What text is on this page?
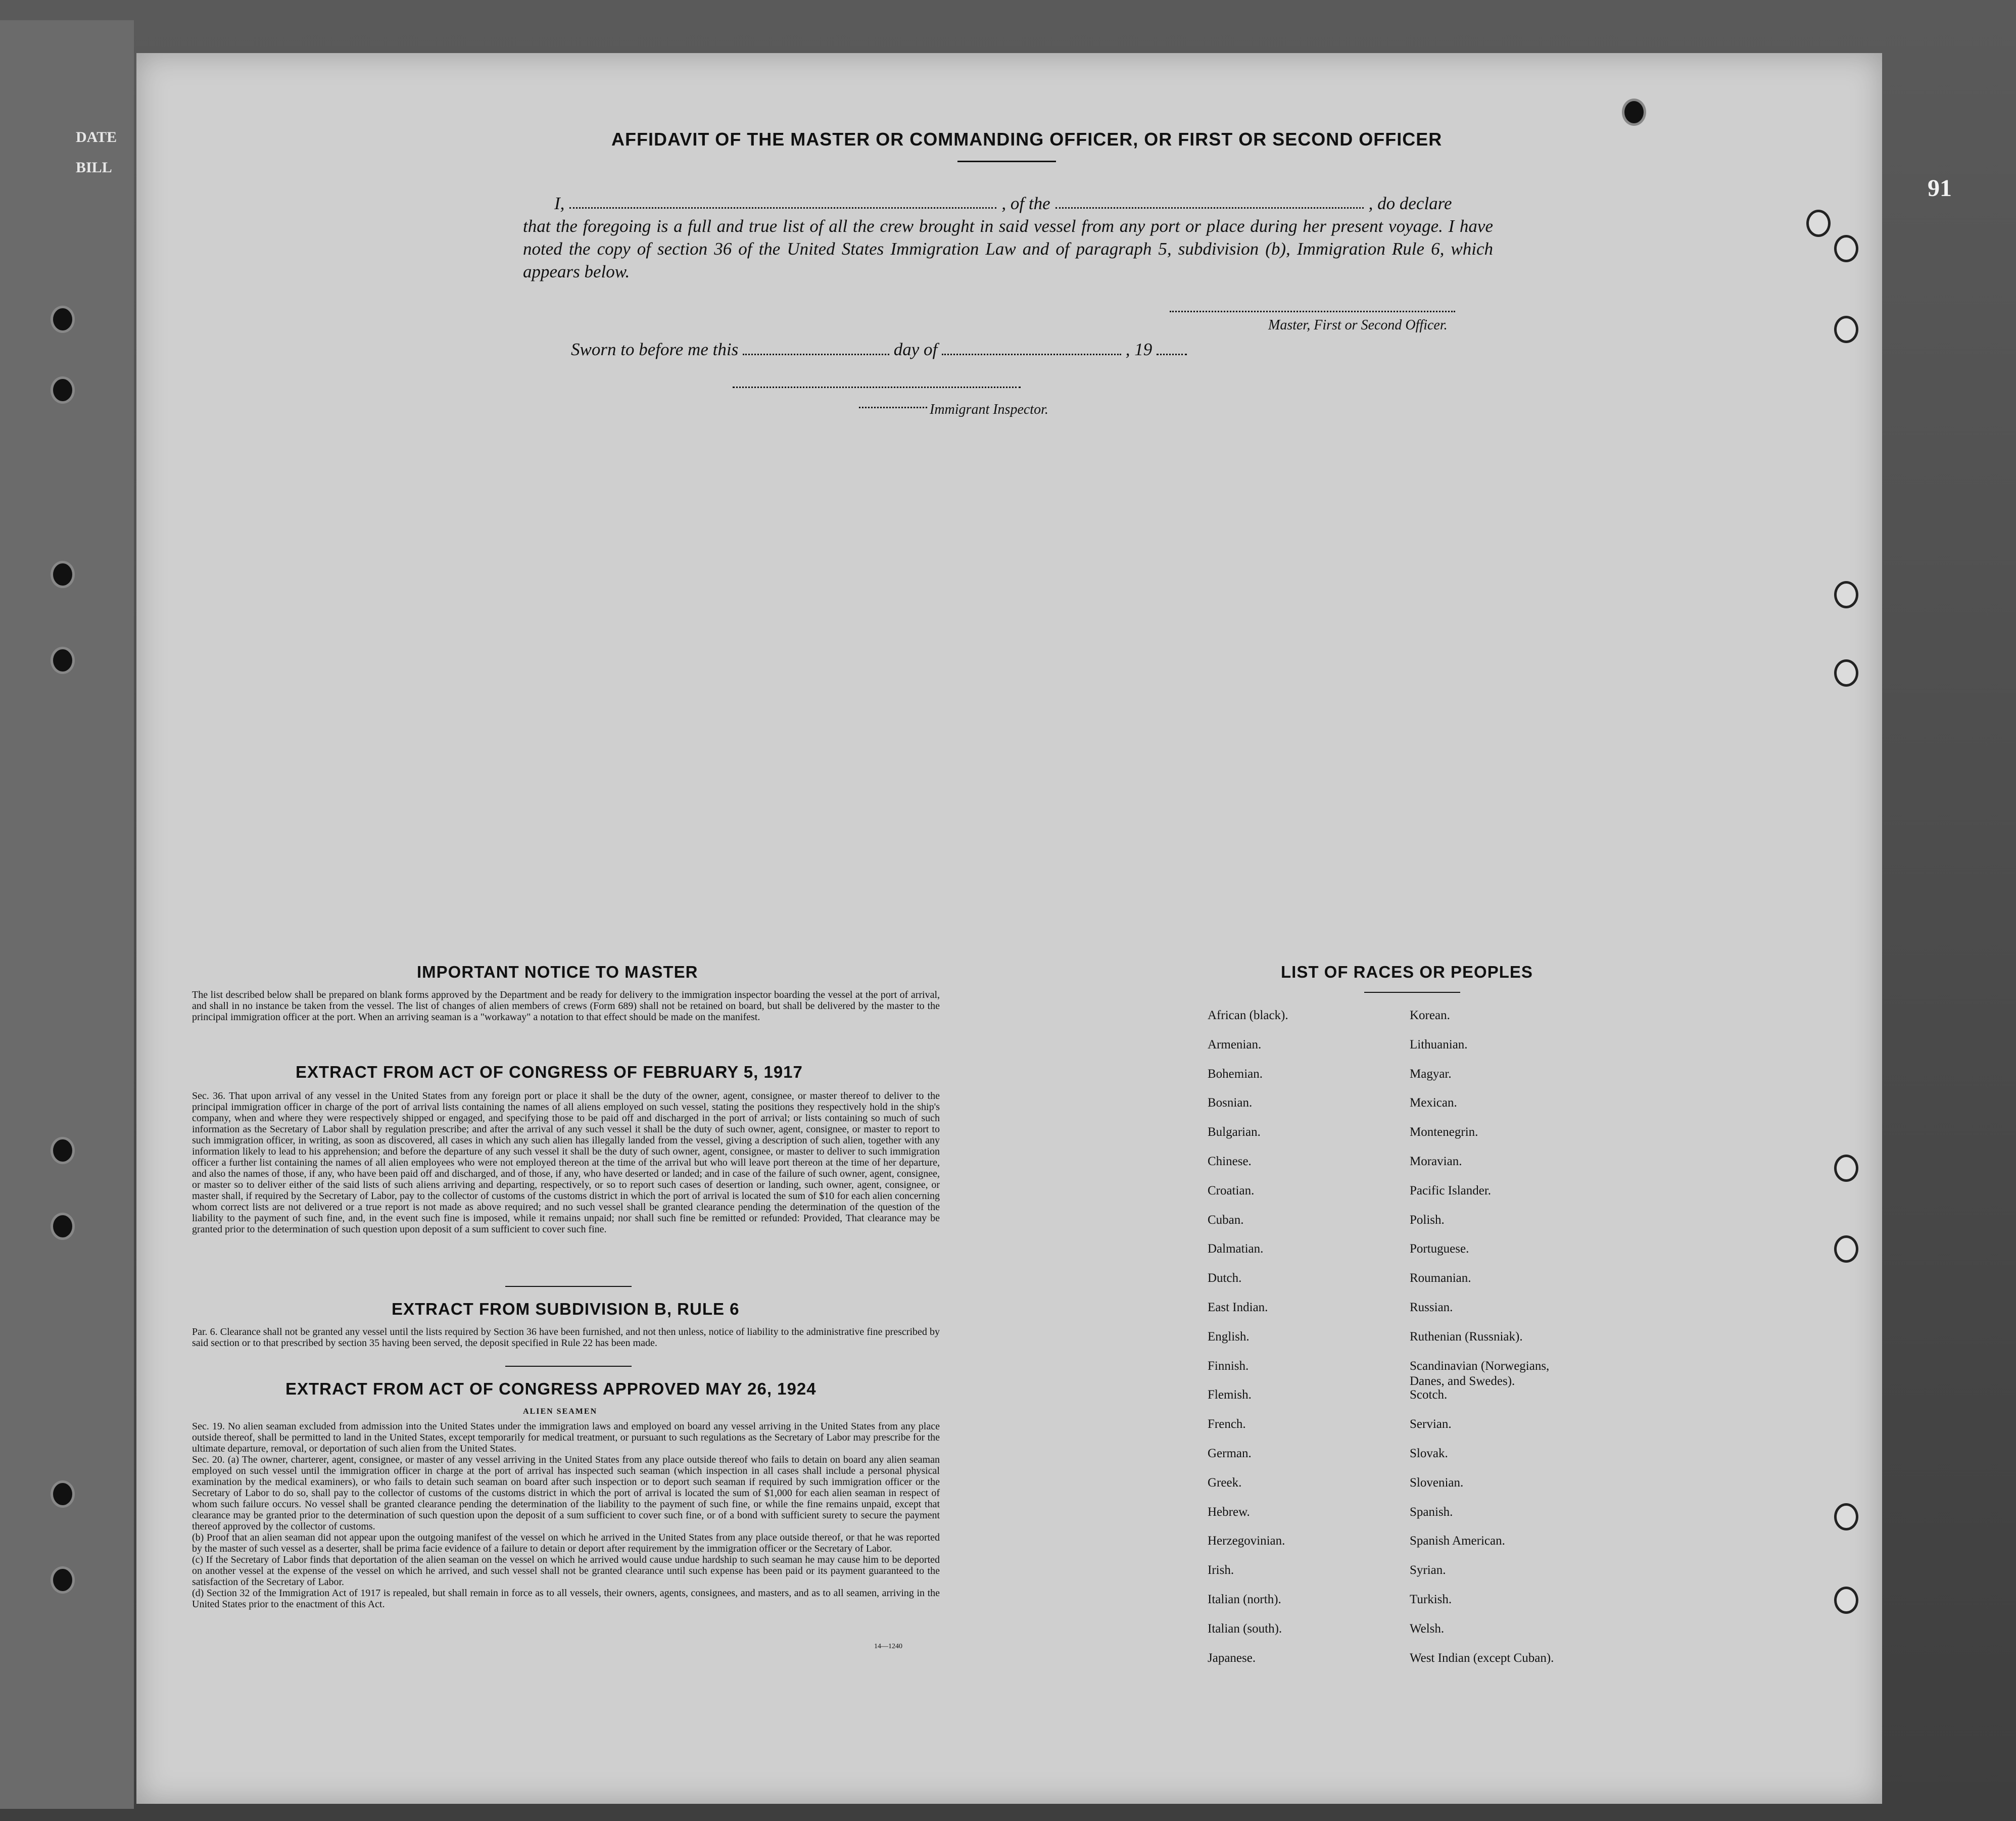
DATE
BILL
91
AFFIDAVIT OF THE MASTER OR COMMANDING OFFICER, OR FIRST OR SECOND OFFICER
I,	, of the	, do declare
that the foregoing is a full and true list of all the crew brought in said vessel from any port or place during her present voyage. I have noted the copy of section 36 of the United States Immigration Law and of paragraph 5, subdivision (b), Immigration Rule 6, which appears below.
Master, First or Second Officer.
Sworn to before me this	day of	, 19
Immigrant Inspector.
IMPORTANT NOTICE TO MASTER
The list described below shall be prepared on blank forms approved by the Department and be ready for delivery to the immigration inspector boarding the vessel at the port of arrival, and shall in no instance be taken from the vessel. The list of changes of alien members of crews (Form 689) shall not be retained on board, but shall be delivered by the master to the principal immigration officer at the port. When an arriving seaman is a "workaway" a notation to that effect should be made on the manifest.
EXTRACT FROM ACT OF CONGRESS OF FEBRUARY 5, 1917
Sec. 36. That upon arrival of any vessel in the United States from any foreign port or place it shall be the duty of the owner, agent, consignee, or master thereof to deliver to the principal immigration officer in charge of the port of arrival lists containing the names of all aliens employed on such vessel, stating the positions they respectively hold in the ship's company, when and where they were respectively shipped or engaged, and specifying those to be paid off and discharged in the port of arrival; or lists containing so much of such information as the Secretary of Labor shall by regulation prescribe; and after the arrival of any such vessel it shall be the duty of such owner, agent, consignee, or master to report to such immigration officer, in writing, as soon as discovered, all cases in which any such alien has illegally landed from the vessel, giving a description of such alien, together with any information likely to lead to his apprehension; and before the departure of any such vessel it shall be the duty of such owner, agent, consignee, or master to deliver to such immigration officer a further list containing the names of all alien employees who were not employed thereon at the time of the arrival but who will leave port thereon at the time of her departure, and also the names of those, if any, who have been paid off and discharged, and of those, if any, who have deserted or landed; and in case of the failure of such owner, agent, consignee, or master so to deliver either of the said lists of such aliens arriving and departing, respectively, or so to report such cases of desertion or landing, such owner, agent, consignee, or master shall, if required by the Secretary of Labor, pay to the collector of customs of the customs district in which the port of arrival is located the sum of $10 for each alien concerning whom correct lists are not delivered or a true report is not made as above required; and no such vessel shall be granted clearance pending the determination of the question of the liability to the payment of such fine, and, in the event such fine is imposed, while it remains unpaid; nor shall such fine be remitted or refunded: Provided, That clearance may be granted prior to the determination of such question upon deposit of a sum sufficient to cover such fine.
EXTRACT FROM SUBDIVISION B, RULE 6
Par. 6. Clearance shall not be granted any vessel until the lists required by Section 36 have been furnished, and not then unless, notice of liability to the administrative fine prescribed by said section or to that prescribed by section 35 having been served, the deposit specified in Rule 22 has been made.
EXTRACT FROM ACT OF CONGRESS APPROVED MAY 26, 1924
ALIEN SEAMEN
Sec. 19. No alien seaman excluded from admission into the United States under the immigration laws and employed on board any vessel arriving in the United States from any place outside thereof, shall be permitted to land in the United States, except temporarily for medical treatment, or pursuant to such regulations as the Secretary of Labor may prescribe for the ultimate departure, removal, or deportation of such alien from the United States.
Sec. 20. (a) The owner, charterer, agent, consignee, or master of any vessel arriving in the United States from any place outside thereof who fails to detain on board any alien seaman employed on such vessel until the immigration officer in charge at the port of arrival has inspected such seaman (which inspection in all cases shall include a personal physical examination by the medical examiners), or who fails to detain such seaman on board after such inspection or to deport such seaman if required by such immigration officer or the Secretary of Labor to do so, shall pay to the collector of customs of the customs district in which the port of arrival is located the sum of $1,000 for each alien seaman in respect of whom such failure occurs. No vessel shall be granted clearance pending the determination of the liability to the payment of such fine, or while the fine remains unpaid, except that clearance may be granted prior to the determination of such question upon the deposit of a sum sufficient to cover such fine, or of a bond with sufficient surety to secure the payment thereof approved by the collector of customs.
(b) Proof that an alien seaman did not appear upon the outgoing manifest of the vessel on which he arrived in the United States from any place outside thereof, or that he was reported by the master of such vessel as a deserter, shall be prima facie evidence of a failure to detain or deport after requirement by the immigration officer or the Secretary of Labor.
(c) If the Secretary of Labor finds that deportation of the alien seaman on the vessel on which he arrived would cause undue hardship to such seaman he may cause him to be deported on another vessel at the expense of the vessel on which he arrived, and such vessel shall not be granted clearance until such expense has been paid or its payment guaranteed to the satisfaction of the Secretary of Labor.
(d) Section 32 of the Immigration Act of 1917 is repealed, but shall remain in force as to all vessels, their owners, agents, consignees, and masters, and as to all seamen, arriving in the United States prior to the enactment of this Act.
14—1240
LIST OF RACES OR PEOPLES
African (black).	Korean.
Armenian.	Lithuanian.
Bohemian.	Magyar.
Bosnian.	Mexican.
Bulgarian.	Montenegrin.
Chinese.	Moravian.
Croatian.	Pacific Islander.
Cuban.	Polish.
Dalmatian.	Portuguese.
Dutch.	Roumanian.
East Indian.	Russian.
English.	Ruthenian (Russniak).
Finnish.	Scandinavian (Norwegians,
Danes, and Swedes).
Flemish.	Scotch.
French.	Servian.
German.	Slovak.
Greek.	Slovenian.
Hebrew.	Spanish.
Herzegovinian.	Spanish American.
Irish.	Syrian.
Italian (north).	Turkish.
Italian (south).	Welsh.
Japanese.	West Indian (except Cuban).
